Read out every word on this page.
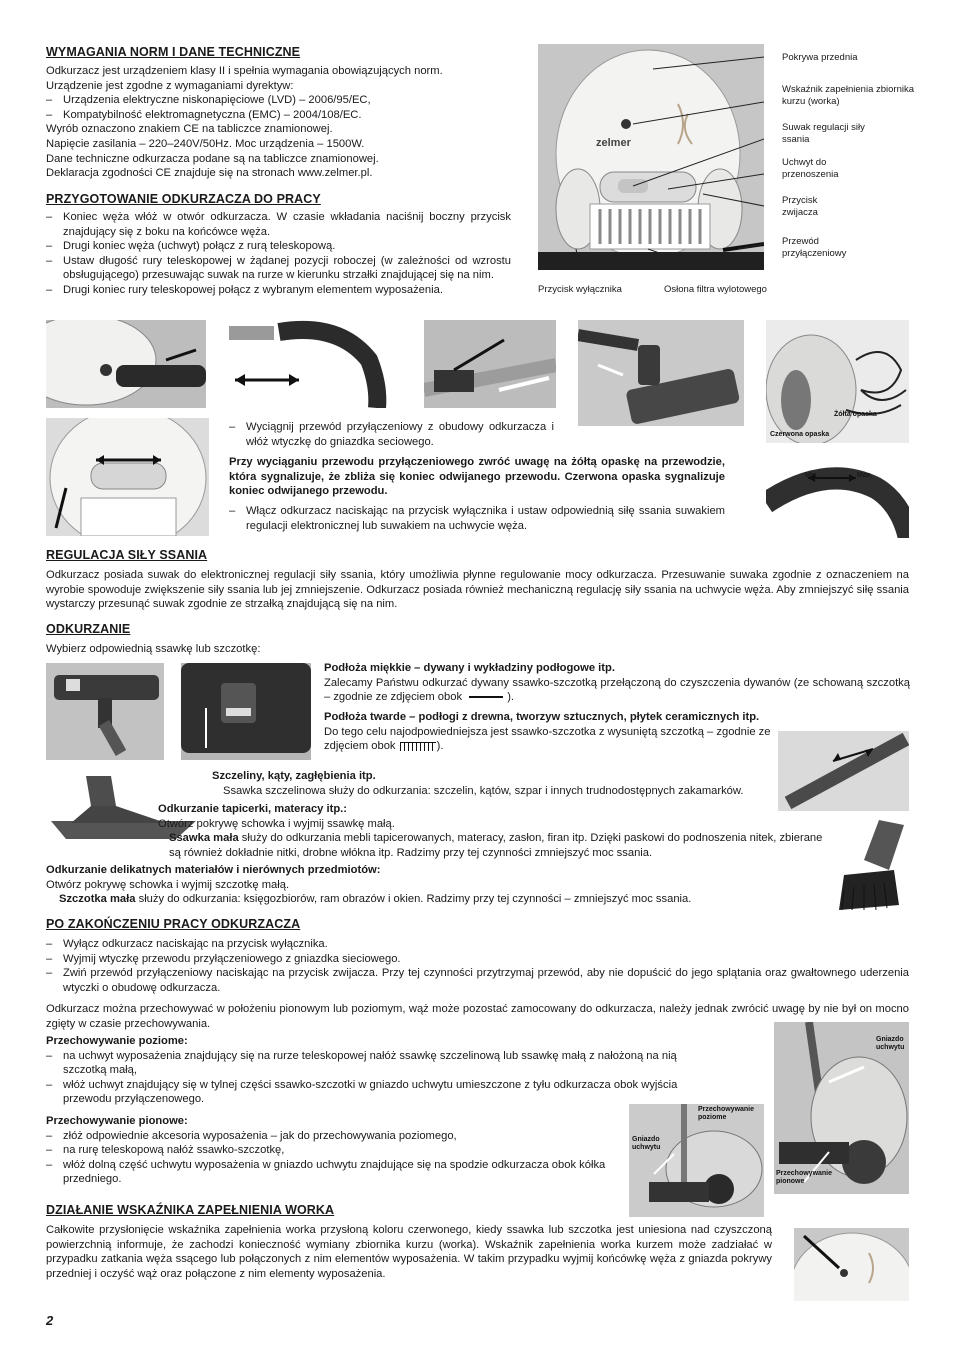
WYMAGANIA NORM I DANE TECHNICZNE
Odkurzacz jest urządzeniem klasy II i spełnia wymagania obowiązujących norm.
Urządzenie jest zgodne z wymaganiami dyrektyw:
– Urządzenia elektryczne niskonapięciowe (LVD) – 2006/95/EC,
– Kompatybilność elektromagnetyczna (EMC) – 2004/108/EC.
Wyrób oznaczono znakiem CE na tabliczce znamionowej.
Napięcie zasilania – 220–240V/50Hz. Moc urządzenia – 1500W.
Dane techniczne odkurzacza podane są na tabliczce znamionowej.
Deklaracja zgodności CE znajduje się na stronach www.zelmer.pl.
zelmer
Pokrywa przednia
Wskaźnik zapełnienia zbiornika kurzu (worka)
Suwak regulacji siły ssania
Uchwyt do przenoszenia
Przycisk zwijacza
Przewód przyłączeniowy
Przycisk wyłącznika	Osłona filtra wylotowego
PRZYGOTOWANIE ODKURZACZA DO PRACY
– Koniec węża włóż w otwór odkurzacza. W czasie wkładania naciśnij boczny przycisk znajdujący się z boku na końcówce węża.
– Drugi koniec węża (uchwyt) połącz z rurą teleskopową.
– Ustaw długość rury teleskopowej w żądanej pozycji roboczej (w zależności od wzrostu obsługującego) przesuwając suwak na rurze w kierunku strzałki znajdującej się na nim.
– Drugi koniec rury teleskopowej połącz z wybranym elementem wyposażenia.
Żółta opaska
Czerwona opaska
– Wyciągnij przewód przyłączeniowy z obudowy odkurzacza i włóż wtyczkę do gniazdka seciowego.
Przy wyciąganiu przewodu przyłączeniowego zwróć uwagę na żółtą opaskę na przewodzie, która sygnalizuje, że zbliża się koniec odwijanego przewodu. Czerwona opaska sygnalizuje koniec odwijanego przewodu.
– Włącz odkurzacz naciskając na przycisk wyłącznika i ustaw odpowiednią siłę ssania suwakiem regulacji elektronicznej lub suwakiem na uchwycie węża.
Min.	Max.
REGULACJA SIŁY SSANIA
Odkurzacz posiada suwak do elektronicznej regulacji siły ssania, który umożliwia płynne regulowanie mocy odkurzacza. Przesuwanie suwaka zgodnie z oznaczeniem na wyrobie spowoduje zwiększenie siły ssania lub jej zmniejszenie. Odkurzacz posiada również mechaniczną regulację siły ssania na uchwycie węża. Aby zmniejszyć siłę ssania wystarczy przesunąć suwak zgodnie ze strzałką znajdującą się na nim.
ODKURZANIE
Wybierz odpowiednią ssawkę lub szczotkę:
Podłoża miękkie – dywany i wykładziny podłogowe itp.
Zalecamy Państwu odkurzać dywany ssawko-szczotką przełączoną do czyszczenia dywanów (ze schowaną szczotką – zgodnie ze zdjęciem obok	).
Podłoża twarde – podłogi z drewna, tworzyw sztucznych, płytek ceramicznych itp.
Do tego celu najodpowiedniejsza jest ssawko-szczotka z wysuniętą szczotką – zgodnie ze zdjęciem obok	).
Szczeliny, kąty, zagłębienia itp.
Ssawka szczelinowa służy do odkurzania: szczelin, kątów, szpar i innych trudnodostępnych zakamarków.
Odkurzanie tapicerki, materacy itp.:
Otwórz pokrywę schowka i wyjmij ssawkę małą.
Ssawka mała służy do odkurzania mebli tapicerowanych, materacy, zasłon, firan itp. Dzięki paskowi do podnoszenia nitek, zbierane są również dokładnie nitki, drobne włókna itp. Radzimy przy tej czynności zmniejszyć moc ssania.
Odkurzanie delikatnych materiałów i nierównych przedmiotów:
Otwórz pokrywę schowka i wyjmij szczotkę małą.
Szczotka mała służy do odkurzania: księgozbiorów, ram obrazów i okien. Radzimy przy tej czynności – zmniejszyć moc ssania.
PO ZAKOŃCZENIU PRACY ODKURZACZA
– Wyłącz odkurzacz naciskając na przycisk wyłącznika.
– Wyjmij wtyczkę przewodu przyłączeniowego z gniazdka sieciowego.
– Zwiń przewód przyłączeniowy naciskając na przycisk zwijacza. Przy tej czynności przytrzymaj przewód, aby nie dopuścić do jego splątania oraz gwałtownego uderzenia wtyczki o obudowę odkurzacza.
Odkurzacz można przechowywać w położeniu pionowym lub poziomym, wąż może pozostać zamocowany do odkurzacza, należy jednak zwrócić uwagę by nie był on mocno zgięty w czasie przechowywania.
Przechowywanie poziome:
– na uchwyt wyposażenia znajdujący się na rurze teleskopowej nałóż ssawkę szczelinową lub ssawkę małą z nałożoną na nią szczotką małą,
– włóż uchwyt znajdujący się w tylnej części ssawko-szczotki w gniazdo uchwytu umieszczone z tyłu odkurzacza obok wyjścia przewodu przyłączenowego.
Przechowywanie pionowe:
– złóż odpowiednie akcesoria wyposażenia – jak do przechowywania poziomego,
– na rurę teleskopową nałóż ssawko-szczotkę,
– włóż dolną część uchwytu wyposażenia w gniazdo uchwytu znajdujące się na spodzie odkurzacza obok kółka przedniego.
Przechowywanie poziome
Gniazdo uchwytu
Gniazdo uchwytu
Przechowywanie pionowe
DZIAŁANIE WSKAŹNIKA ZAPEŁNIENIA WORKA
Całkowite przysłonięcie wskaźnika zapełnienia worka przysłoną koloru czerwonego, kiedy ssawka lub szczotka jest uniesiona nad czyszczoną powierzchnią informuje, że zachodzi konieczność wymiany zbiornika kurzu (worka). Wskaźnik zapełnienia worka kurzem może zadziałać w przypadku zatkania węża ssącego lub połączonych z nim elementów wyposażenia. W takim przypadku wyjmij końcówkę węża z gniazda pokrywy przedniej i oczyść wąż oraz połączone z nim elementy wyposażenia.
2
